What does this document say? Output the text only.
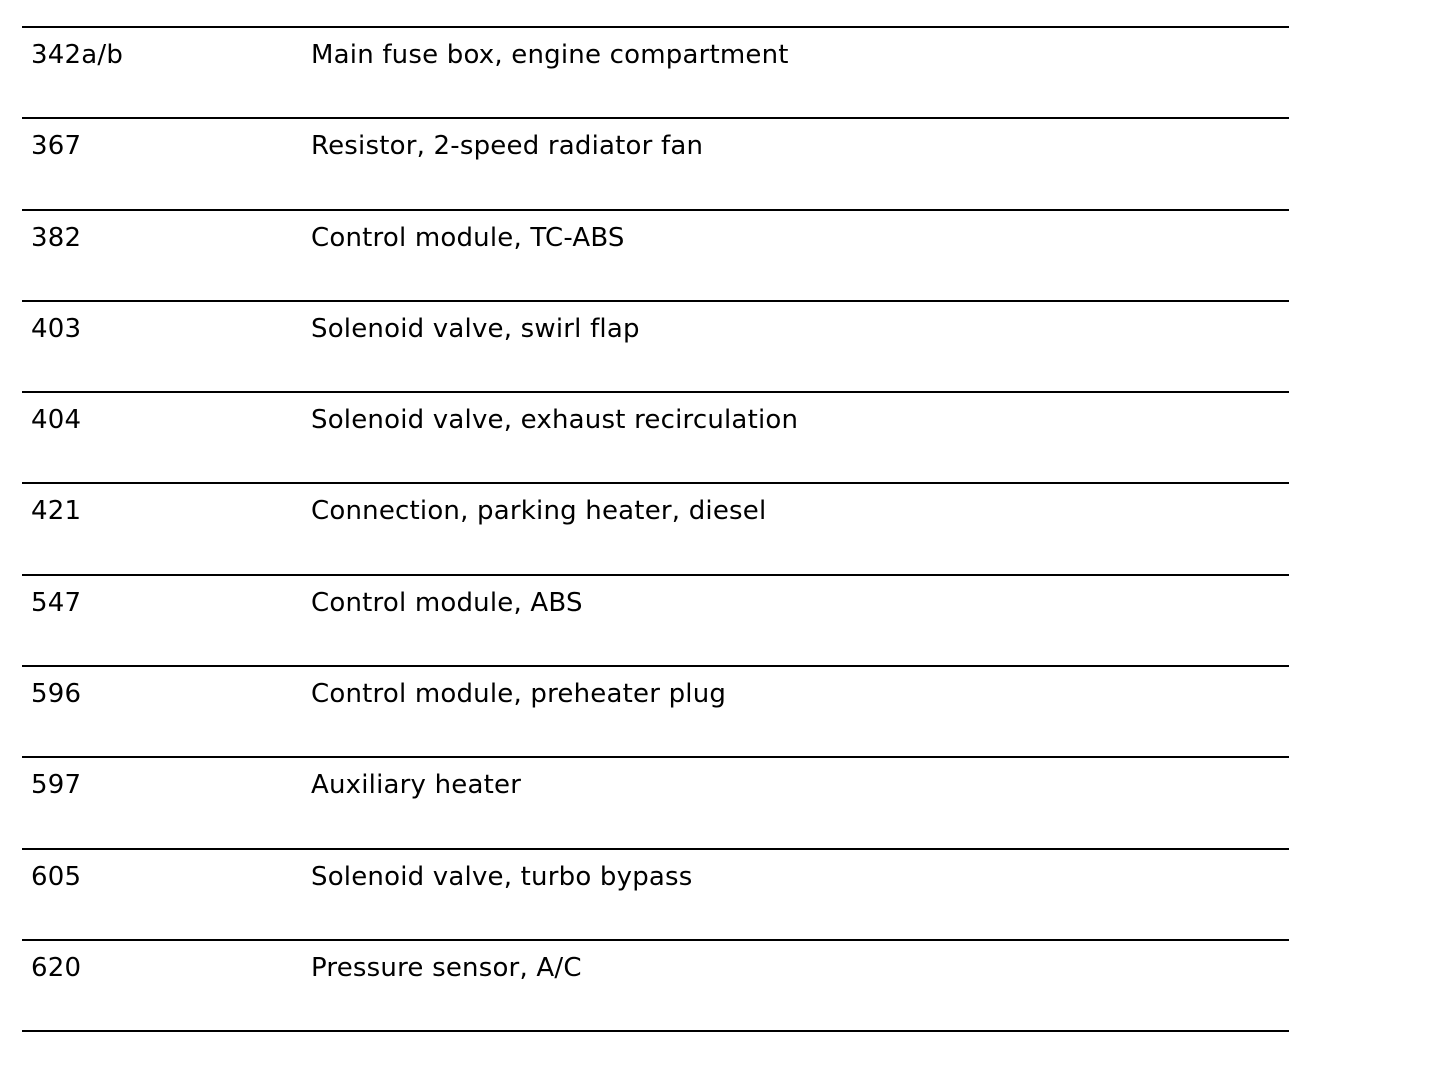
342a/b	Main fuse box, engine compartment
367	Resistor, 2-speed radiator fan
382	Control module, TC-ABS
403	Solenoid valve, swirl flap
404	Solenoid valve, exhaust recirculation
421	Connection, parking heater, diesel
547	Control module, ABS
596	Control module, preheater plug
597	Auxiliary heater
605	Solenoid valve, turbo bypass
620	Pressure sensor, A/C
